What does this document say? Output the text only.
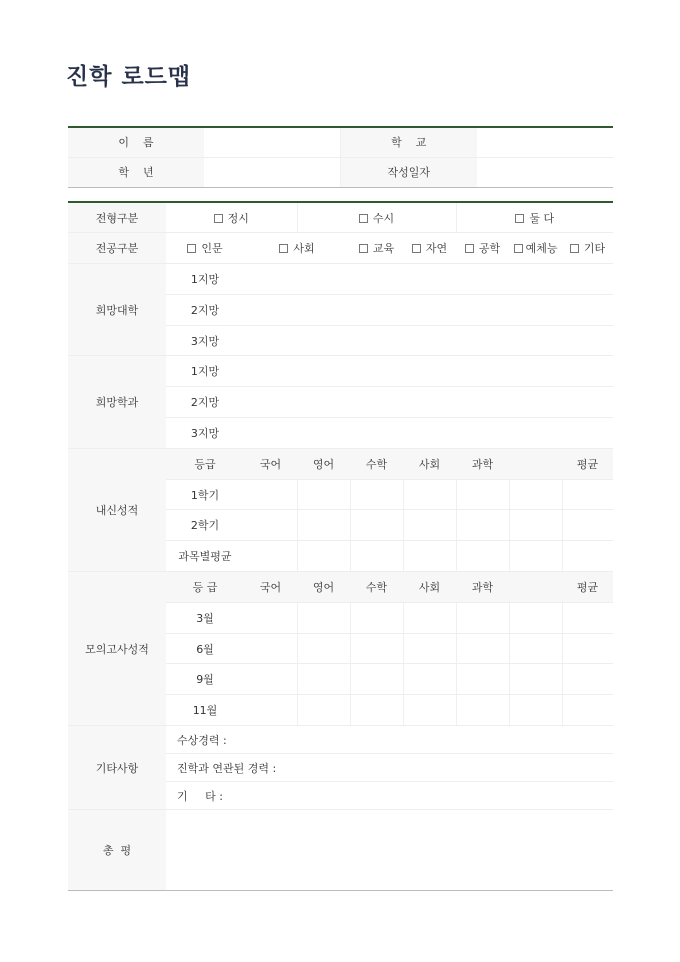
진학 로드맵
이    름		학    교	
학    년		작성일자	
전형구분	정시		수시			둘 다		
전공구분	인문	사회		교육	자연	공학	예체능	기타
희망대학	1지망							
	2지망							
	3지망							
희망학과	1지망							
	2지망							
	3지망							
내신성적	등급	국어	영어	수학	사회	과학		평균
	1학기							
	2학기							
	과목별평균							
모의고사성적	등 급	국어	영어	수학	사회	과학		평균
	3월							
	6월							
	9월							
	11월							
기타사항	수상경력 :							
	진학과 연관된 경력 :							
	기     타 :							
총  평								
